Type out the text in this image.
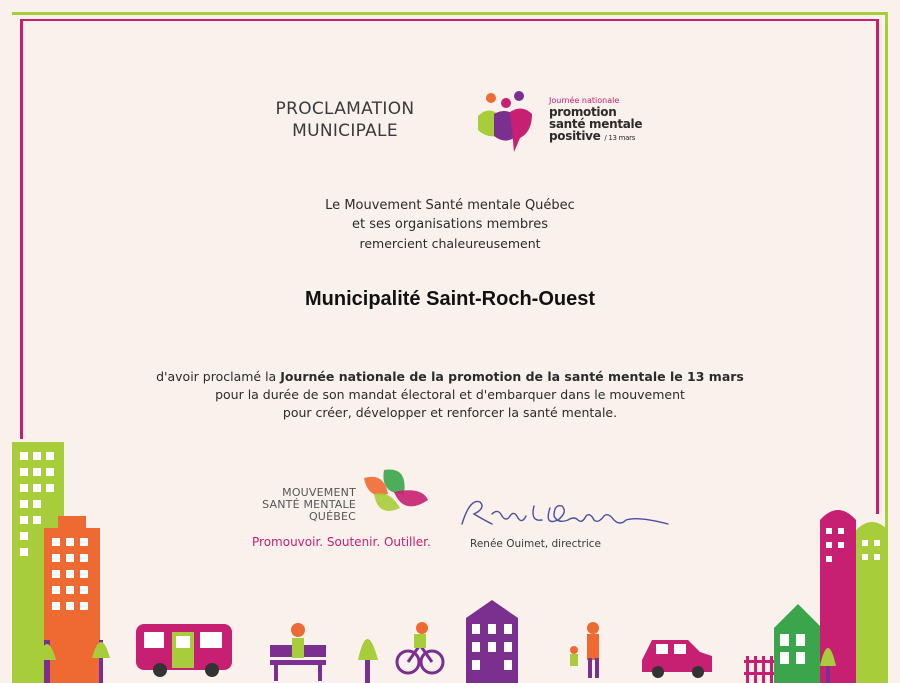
PROCLAMATION
MUNICIPALE
Journée nationale
promotion
santé mentale
positive / 13 mars
Le Mouvement Santé mentale Québec
et ses organisations membres
remercient chaleureusement
Municipalité Saint-Roch-Ouest
d'avoir proclamé la Journée nationale de la promotion de la santé mentale le 13 mars
pour la durée de son mandat électoral et d'embarquer dans le mouvement
pour créer, développer et renforcer la santé mentale.
MOUVEMENT
SANTÉ MENTALE
QUÉBEC
Promouvoir. Soutenir. Outiller.	Renée Ouimet, directrice
